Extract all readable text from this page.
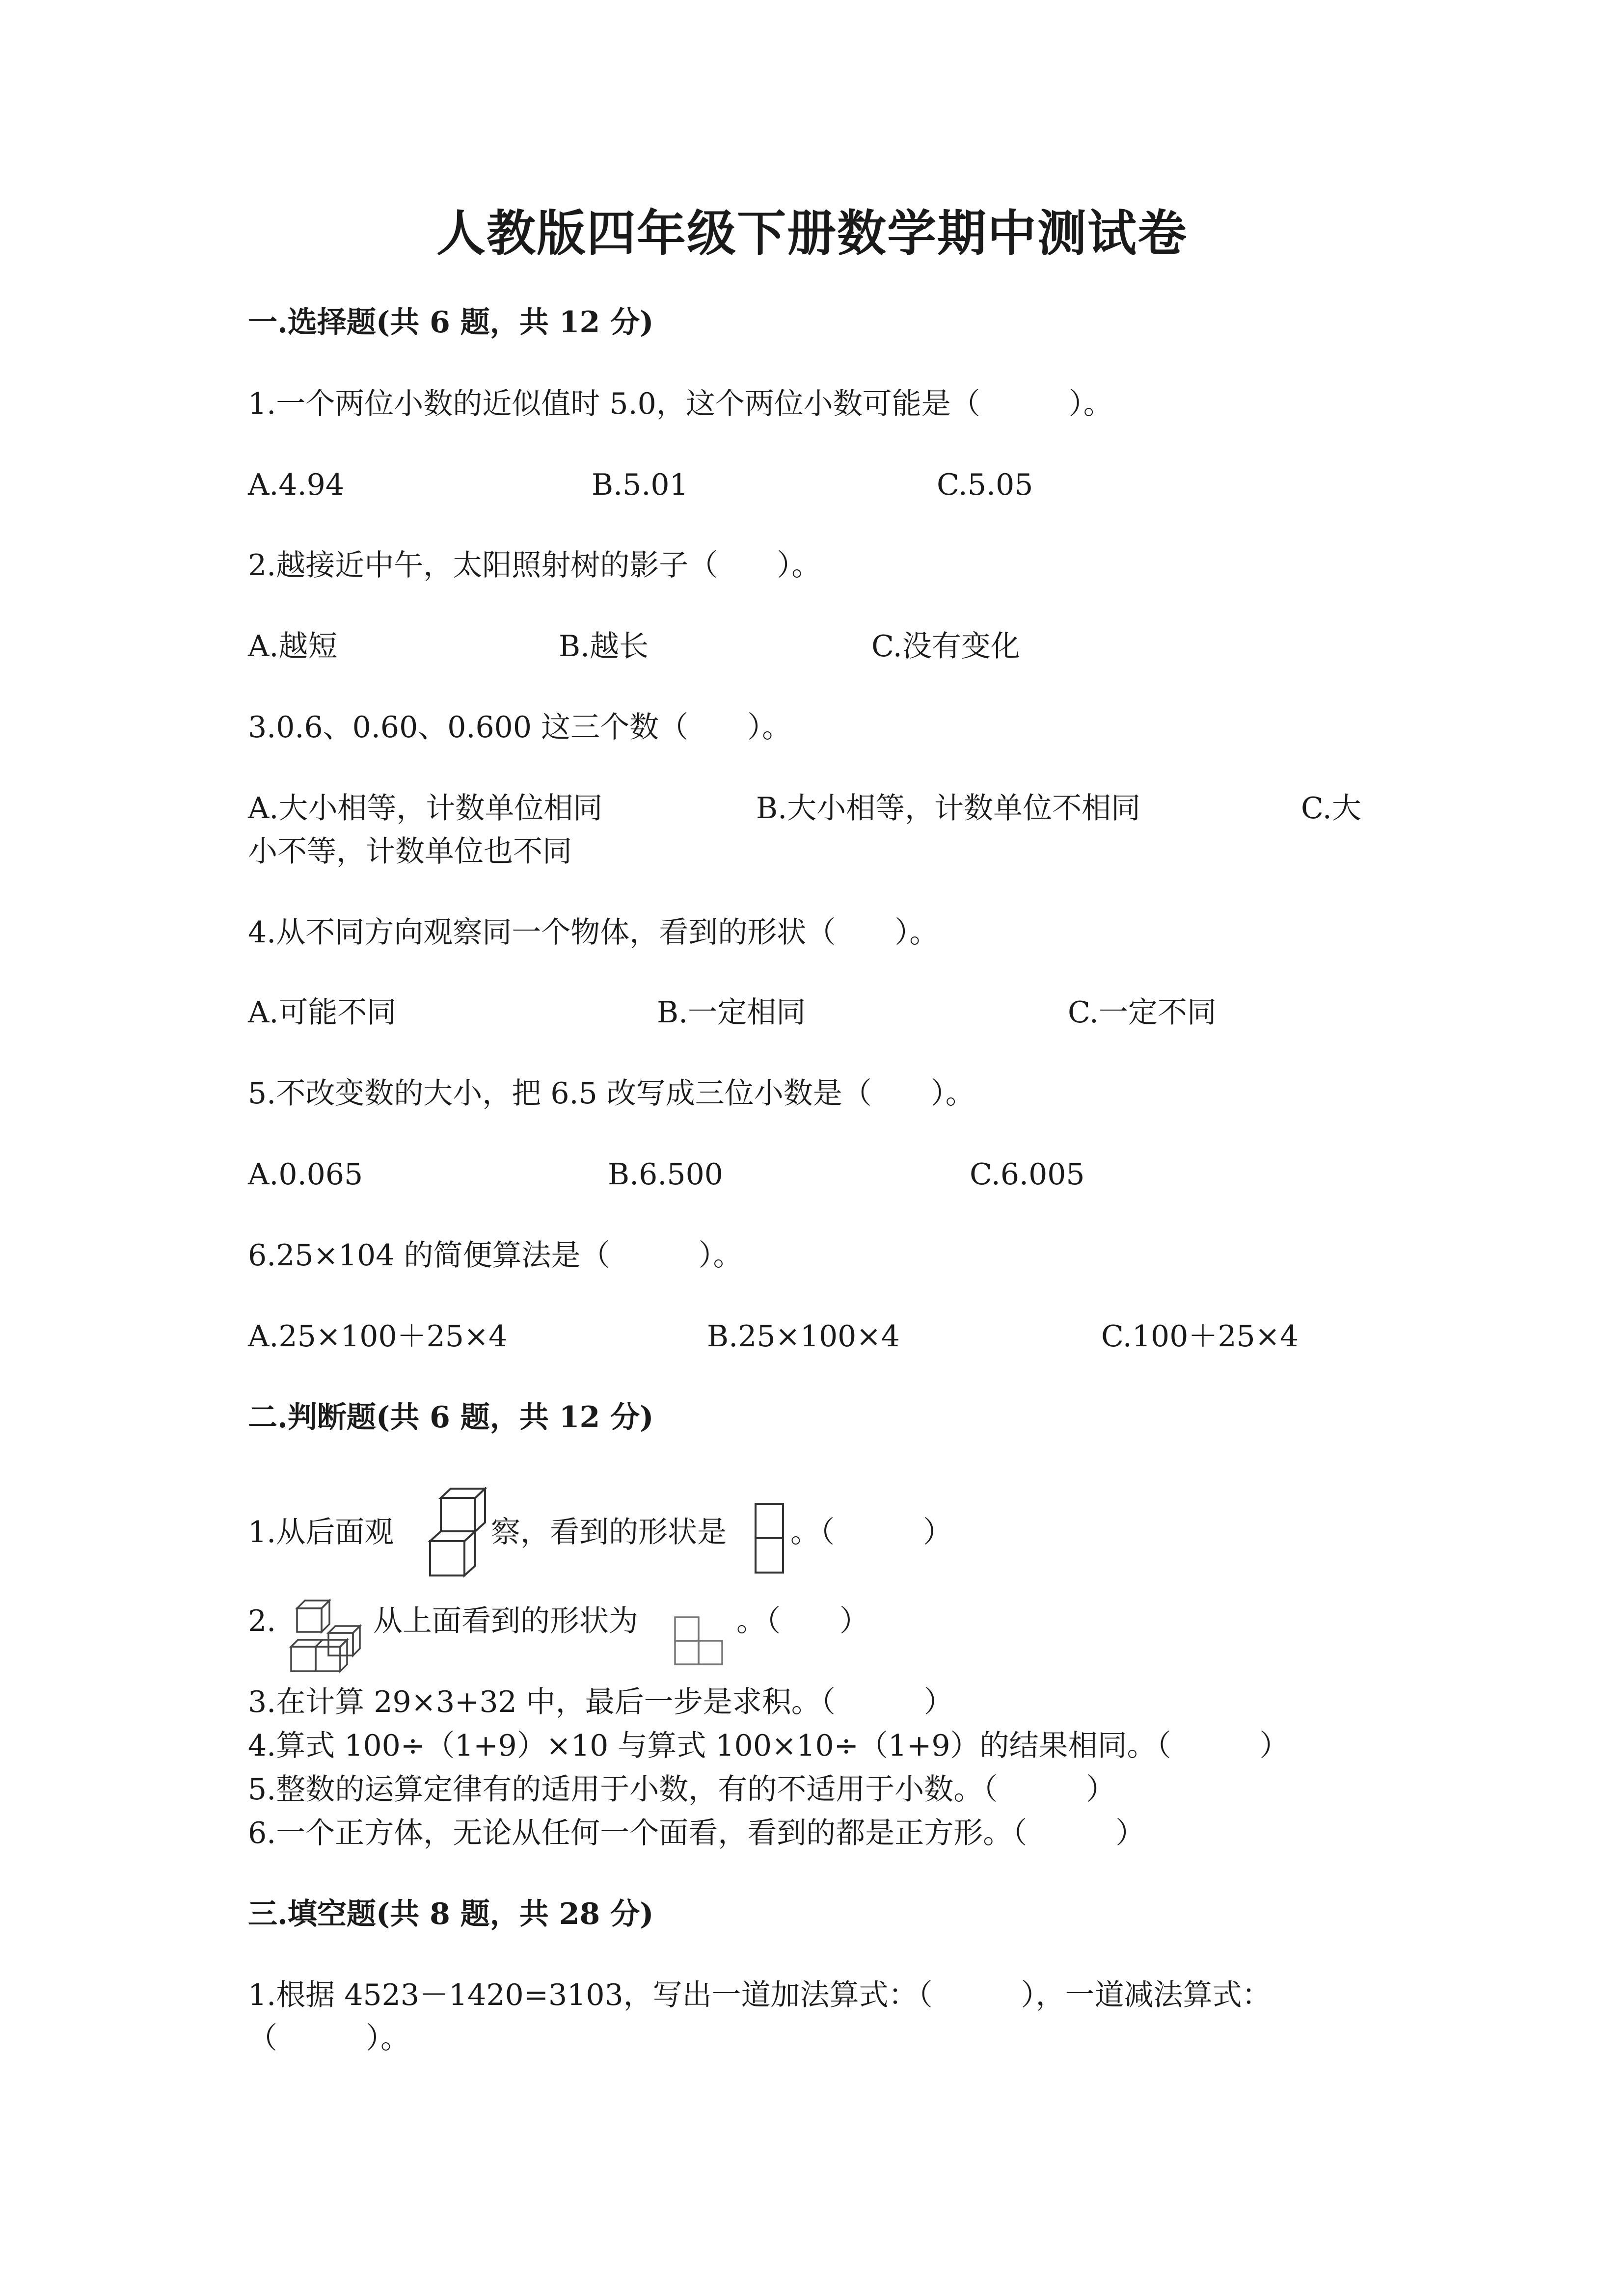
人教版四年级下册数学期中测试卷
一.选择题(共 6 题，共 12 分)
1.一个两位小数的近似值时 5.0，这个两位小数可能是（　　　）。
A.4.94	B.5.01	C.5.05
2.越接近中午，太阳照射树的影子（　　）。
A.越短	B.越长	C.没有变化
3.0.6、0.60、0.600 这三个数（　　）。
A.大小相等，计数单位相同	B.大小相等，计数单位不相同	C.大
小不等，计数单位也不同
4.从不同方向观察同一个物体，看到的形状（　　）。
A.可能不同	B.一定相同	C.一定不同
5.不改变数的大小，把 6.5 改写成三位小数是（　　）。
A.0.065	B.6.500	C.6.005
6.25×104 的简便算法是（　　　）。
A.25×100＋25×4	B.25×100×4	C.100＋25×4
二.判断题(共 6 题，共 12 分)
1.从后面观	察，看到的形状是 。（　　　）
2.	从上面看到的形状为	。（　　）
3.在计算 29×3+32 中，最后一步是求积。（　　　）
4.算式 100÷（1+9）×10 与算式 100×10÷（1+9）的结果相同。（　　　）
5.整数的运算定律有的适用于小数，有的不适用于小数。（　　　）
6.一个正方体，无论从任何一个面看，看到的都是正方形。（　　　）
三.填空题(共 8 题，共 28 分)
1.根据 4523－1420=3103，写出一道加法算式：（　　　），一道减法算式：
（　　　）。
